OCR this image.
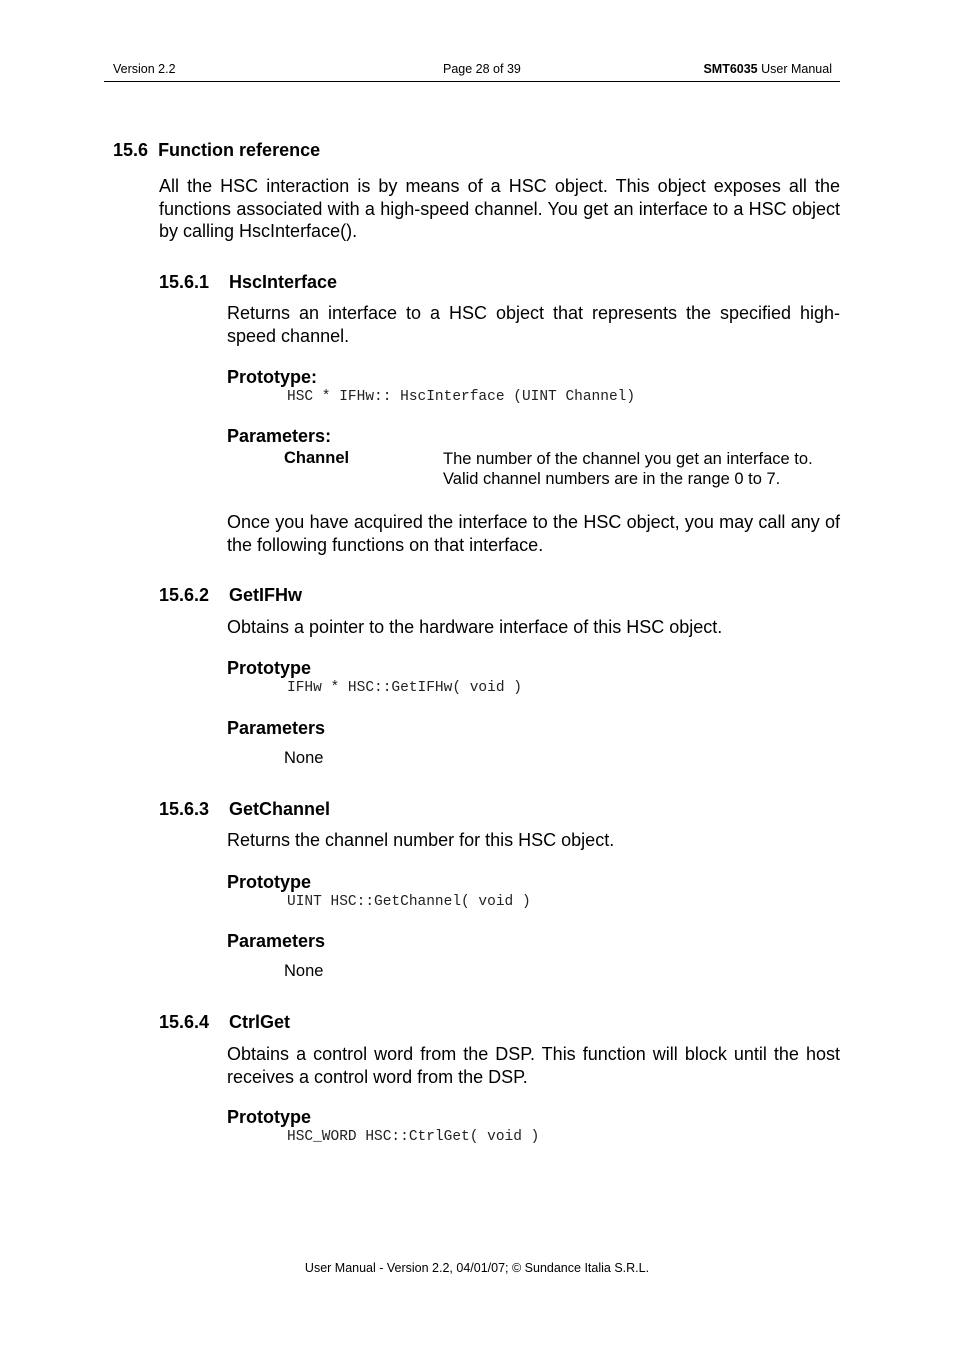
Version 2.2	Page 28 of 39	SMT6035 User Manual
15.6 Function reference
All the HSC interaction is by means of a HSC object. This object exposes all the functions associated with a high-speed channel. You get an interface to a HSC object by calling HscInterface().
15.6.1 HscInterface
Returns an interface to a HSC object that represents the specified high-speed channel.
Prototype:
HSC * IFHw:: HscInterface (UINT Channel)
Parameters:
Channel	The number of the channel you get an interface to.
Valid channel numbers are in the range 0 to 7.
Once you have acquired the interface to the HSC object, you may call any of the following functions on that interface.
15.6.2 GetIFHw
Obtains a pointer to the hardware interface of this HSC object.
Prototype
IFHw * HSC::GetIFHw( void )
Parameters
None
15.6.3 GetChannel
Returns the channel number for this HSC object.
Prototype
UINT HSC::GetChannel( void )
Parameters
None
15.6.4 CtrlGet
Obtains a control word from the DSP. This function will block until the host receives a control word from the DSP.
Prototype
HSC_WORD HSC::CtrlGet( void )
User Manual - Version 2.2, 04/01/07; © Sundance Italia S.R.L.
